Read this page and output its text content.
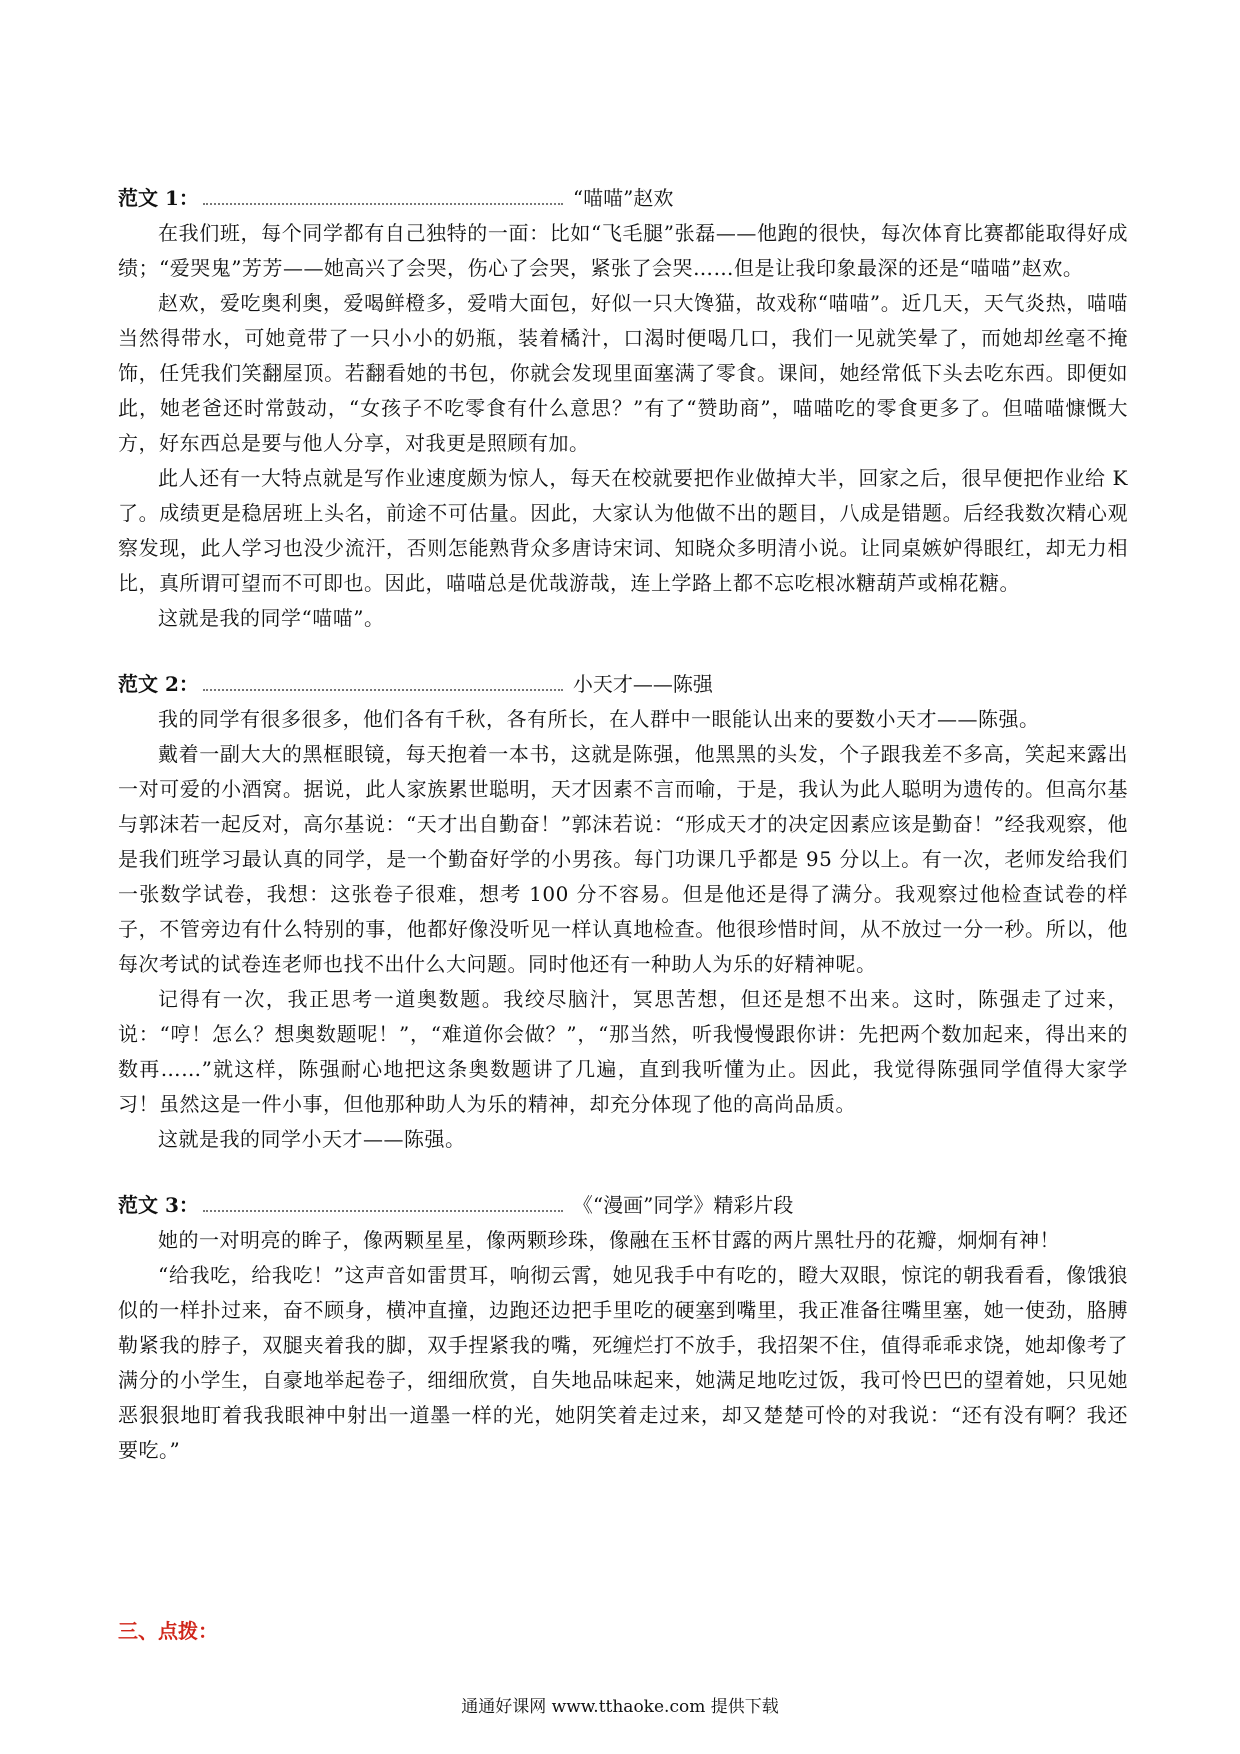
范文 1：	“喵喵”赵欢

在我们班，每个同学都有自己独特的一面：比如“飞毛腿”张磊——他跑的很快，每次体育比赛都能取得好成绩；“爱哭鬼”芳芳——她高兴了会哭，伤心了会哭，紧张了会哭……但是让我印象最深的还是“喵喵”赵欢。

赵欢，爱吃奥利奥，爱喝鲜橙多，爱啃大面包，好似一只大馋猫，故戏称“喵喵”。近几天，天气炎热，喵喵当然得带水，可她竟带了一只小小的奶瓶，装着橘汁，口渴时便喝几口，我们一见就笑晕了，而她却丝毫不掩饰，任凭我们笑翻屋顶。若翻看她的书包，你就会发现里面塞满了零食。课间，她经常低下头去吃东西。即便如此，她老爸还时常鼓动，“女孩子不吃零食有什么意思？”有了“赞助商”，喵喵吃的零食更多了。但喵喵慷慨大方，好东西总是要与他人分享，对我更是照顾有加。

此人还有一大特点就是写作业速度颇为惊人，每天在校就要把作业做掉大半，回家之后，很早便把作业给 K 了。成绩更是稳居班上头名，前途不可估量。因此，大家认为他做不出的题目，八成是错题。后经我数次精心观察发现，此人学习也没少流汗，否则怎能熟背众多唐诗宋词、知晓众多明清小说。让同桌嫉妒得眼红，却无力相比，真所谓可望而不可即也。因此，喵喵总是优哉游哉，连上学路上都不忘吃根冰糖葫芦或棉花糖。

这就是我的同学“喵喵”。

范文 2：	小天才——陈强

我的同学有很多很多，他们各有千秋，各有所长，在人群中一眼能认出来的要数小天才——陈强。

戴着一副大大的黑框眼镜，每天抱着一本书，这就是陈强，他黑黑的头发，个子跟我差不多高，笑起来露出一对可爱的小酒窝。据说，此人家族累世聪明，天才因素不言而喻，于是，我认为此人聪明为遗传的。但高尔基与郭沫若一起反对，高尔基说：“天才出自勤奋！”郭沫若说：“形成天才的决定因素应该是勤奋！”经我观察，他是我们班学习最认真的同学，是一个勤奋好学的小男孩。每门功课几乎都是 95 分以上。有一次，老师发给我们一张数学试卷，我想：这张卷子很难，想考 100 分不容易。但是他还是得了满分。我观察过他检查试卷的样子，不管旁边有什么特别的事，他都好像没听见一样认真地检查。他很珍惜时间，从不放过一分一秒。所以，他每次考试的试卷连老师也找不出什么大问题。同时他还有一种助人为乐的好精神呢。

记得有一次，我正思考一道奥数题。我绞尽脑汁，冥思苦想，但还是想不出来。这时，陈强走了过来，说：“哼！怎么？想奥数题呢！”，“难道你会做？”，“那当然，听我慢慢跟你讲：先把两个数加起来，得出来的数再……”就这样，陈强耐心地把这条奥数题讲了几遍，直到我听懂为止。因此，我觉得陈强同学值得大家学习！虽然这是一件小事，但他那种助人为乐的精神，却充分体现了他的高尚品质。

这就是我的同学小天才——陈强。

范文 3：	《“漫画”同学》精彩片段

她的一对明亮的眸子，像两颗星星，像两颗珍珠，像融在玉杯甘露的两片黑牡丹的花瓣，炯炯有神！

“给我吃，给我吃！”这声音如雷贯耳，响彻云霄，她见我手中有吃的，瞪大双眼，惊诧的朝我看看，像饿狼似的一样扑过来，奋不顾身，横冲直撞，边跑还边把手里吃的硬塞到嘴里，我正准备往嘴里塞，她一使劲，胳膊勒紧我的脖子，双腿夹着我的脚，双手捏紧我的嘴，死缠烂打不放手，我招架不住，值得乖乖求饶，她却像考了满分的小学生，自豪地举起卷子，细细欣赏，自失地品味起来，她满足地吃过饭，我可怜巴巴的望着她，只见她恶狠狠地盯着我我眼神中射出一道墨一样的光，她阴笑着走过来，却又楚楚可怜的对我说：“还有没有啊？我还要吃。”

三、点拨：
通通好课网 www.tthaoke.com 提供下载
